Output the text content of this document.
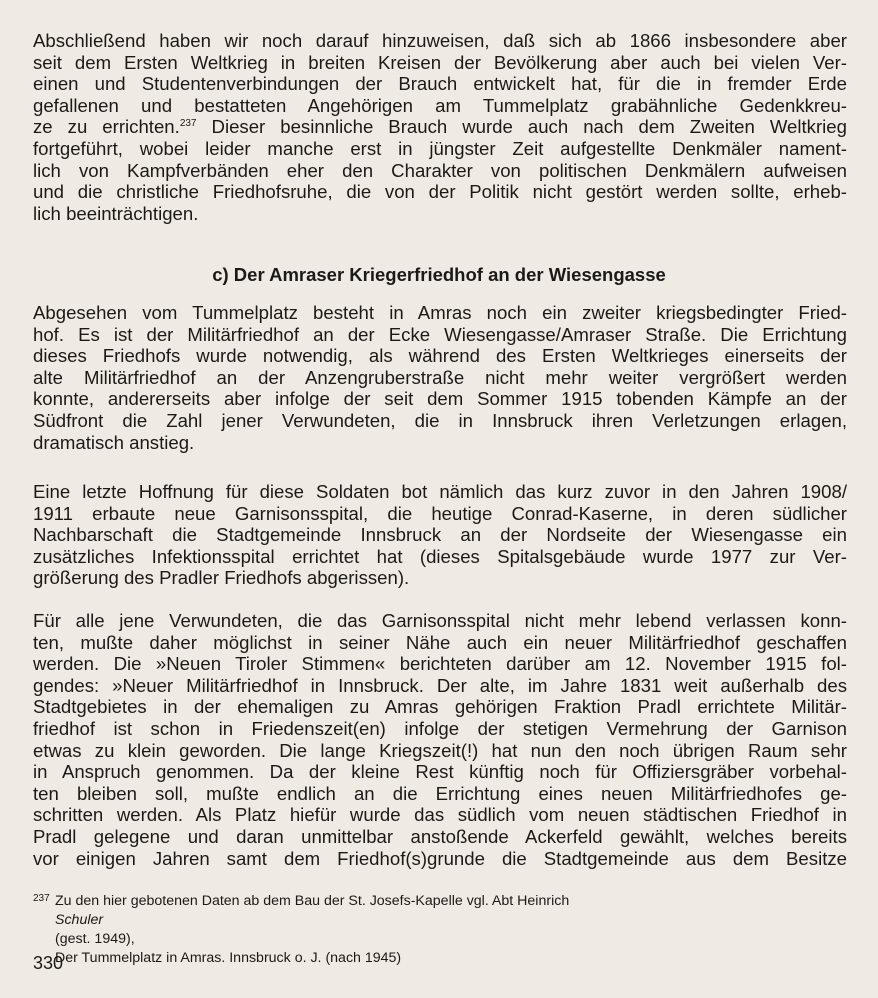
Abschließend haben wir noch darauf hinzuweisen, daß sich ab 1866 insbesondere aber
seit dem Ersten Weltkrieg in breiten Kreisen der Bevölkerung aber auch bei vielen Ver-
einen und Studentenverbindungen der Brauch entwickelt hat, für die in fremder Erde
gefallenen und bestatteten Angehörigen am Tummelplatz grabähnliche Gedenkkreu-
ze zu errichten.$^{237}$ Dieser besinnliche Brauch wurde auch nach dem Zweiten Weltkrieg
fortgeführt, wobei leider manche erst in jüngster Zeit aufgestellte Denkmäler nament-
lich von Kampfverbänden eher den Charakter von politischen Denkmälern aufweisen
und die christliche Friedhofsruhe, die von der Politik nicht gestört werden sollte, erheb-
lich beeinträchtigen.
c) Der Amraser Kriegerfriedhof an der Wiesengasse
Abgesehen vom Tummelplatz besteht in Amras noch ein zweiter kriegsbedingter Fried-
hof. Es ist der Militärfriedhof an der Ecke Wiesengasse/Amraser Straße. Die Errichtung
dieses Friedhofs wurde notwendig, als während des Ersten Weltkrieges einerseits der
alte Militärfriedhof an der Anzengruberstraße nicht mehr weiter vergrößert werden
konnte, andererseits aber infolge der seit dem Sommer 1915 tobenden Kämpfe an der
Südfront die Zahl jener Verwundeten, die in Innsbruck ihren Verletzungen erlagen,
dramatisch anstieg.
Eine letzte Hoffnung für diese Soldaten bot nämlich das kurz zuvor in den Jahren 1908/
1911 erbaute neue Garnisonsspital, die heutige Conrad-Kaserne, in deren südlicher
Nachbarschaft die Stadtgemeinde Innsbruck an der Nordseite der Wiesengasse ein
zusätzliches Infektionsspital errichtet hat (dieses Spitalsgebäude wurde 1977 zur Ver-
größerung des Pradler Friedhofs abgerissen).
Für alle jene Verwundeten, die das Garnisonsspital nicht mehr lebend verlassen konn-
ten, mußte daher möglichst in seiner Nähe auch ein neuer Militärfriedhof geschaffen
werden. Die »Neuen Tiroler Stimmen« berichteten darüber am 12. November 1915 fol-
gendes: »Neuer Militärfriedhof in Innsbruck. Der alte, im Jahre 1831 weit außerhalb des
Stadtgebietes in der ehemaligen zu Amras gehörigen Fraktion Pradl errichtete Militär-
friedhof ist schon in Friedenszeit(en) infolge der stetigen Vermehrung der Garnison
etwas zu klein geworden. Die lange Kriegszeit(!) hat nun den noch übrigen Raum sehr
in Anspruch genommen. Da der kleine Rest künftig noch für Offiziersgräber vorbehal-
ten bleiben soll, mußte endlich an die Errichtung eines neuen Militärfriedhofes ge-
schritten werden. Als Platz hiefür wurde das südlich vom neuen städtischen Friedhof in
Pradl gelegene und daran unmittelbar anstoßende Ackerfeld gewählt, welches bereits
vor einigen Jahren samt dem Friedhof(s)grunde die Stadtgemeinde aus dem Besitze
237 Zu den hier gebotenen Daten ab dem Bau der St. Josefs-Kapelle vgl. Abt Heinrich
Schuler
(gest. 1949),
Der Tummelplatz in Amras. Innsbruck o. J. (nach 1945)
330
